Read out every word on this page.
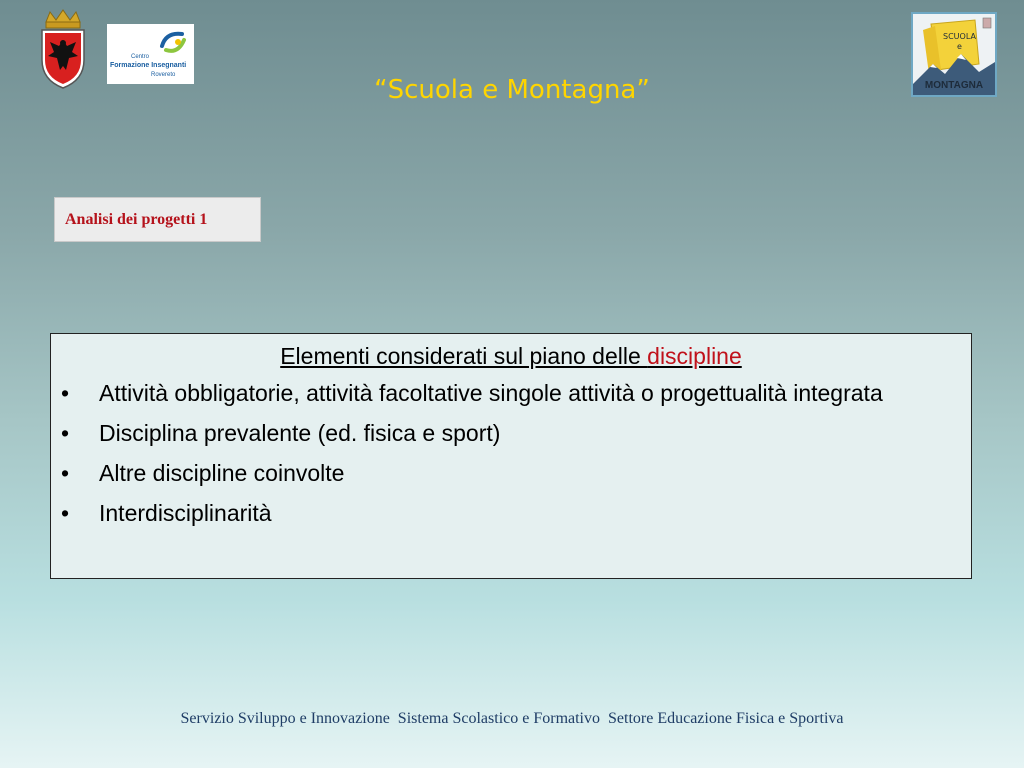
Centro
Formazione Insegnanti
Rovereto
SCUOLA
e
MONTAGNA
“Scuola e Montagna”
Analisi dei progetti 1
Elementi considerati sul piano delle discipline
• Attività obbligatorie, attività facoltative singole attività o progettualità integrata
• Disciplina prevalente (ed. fisica e sport)
• Altre discipline coinvolte
• Interdisciplinarità
Servizio Sviluppo e Innovazione  Sistema Scolastico e Formativo  Settore Educazione Fisica e Sportiva
